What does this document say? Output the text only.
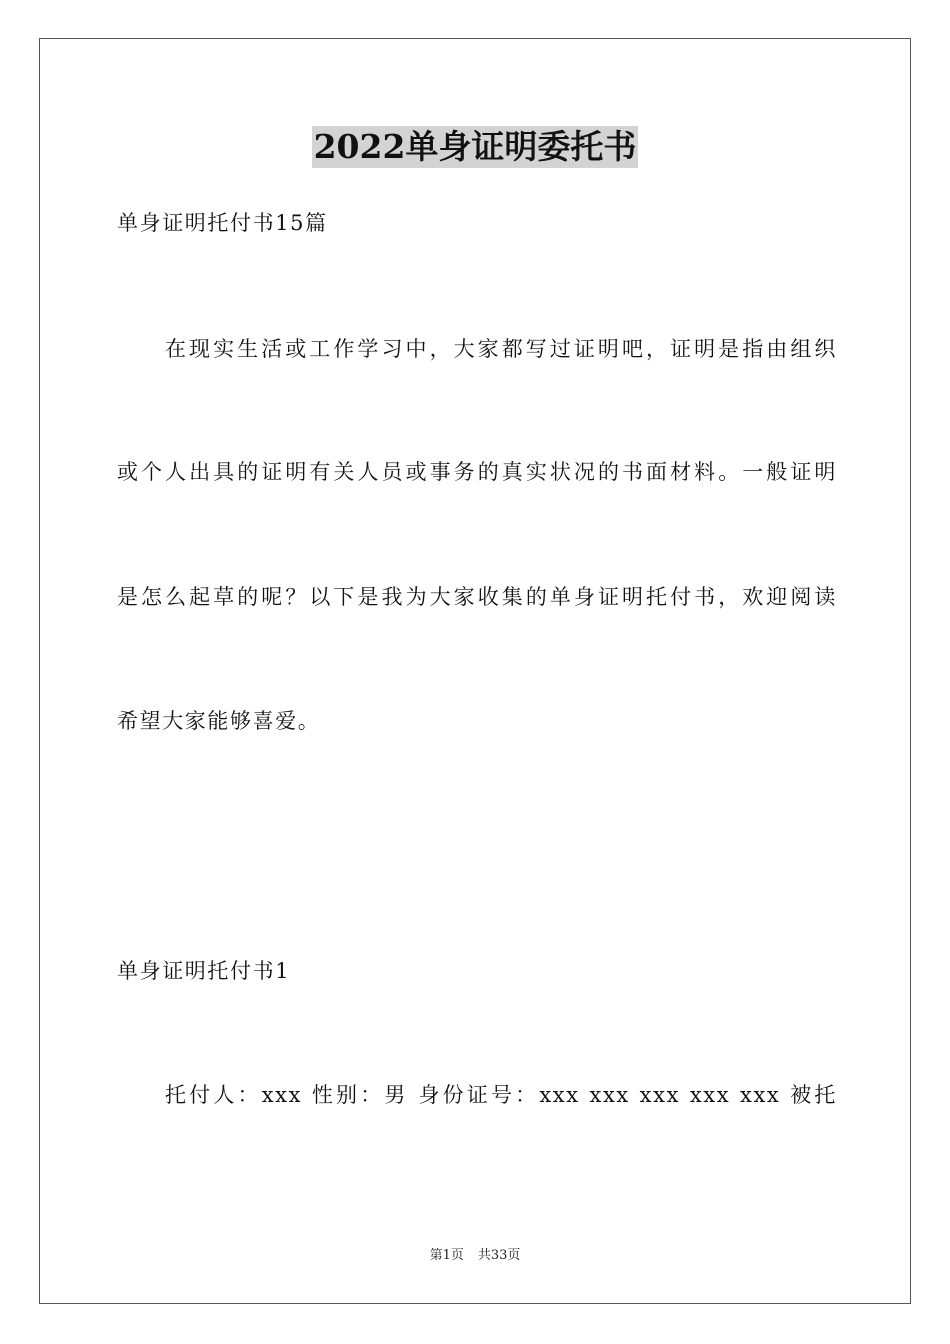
2022单身证明委托书
单身证明托付书15篇
在现实生活或工作学习中，大家都写过证明吧，证明是指由组织
或个人出具的证明有关人员或事务的真实状况的书面材料。一般证明
是怎么起草的呢？以下是我为大家收集的单身证明托付书，欢迎阅读
希望大家能够喜爱。
单身证明托付书1
托付人：xxx 性别：男 身份证号：xxx xxx xxx xxx xxx 被托
第1页 共33页
